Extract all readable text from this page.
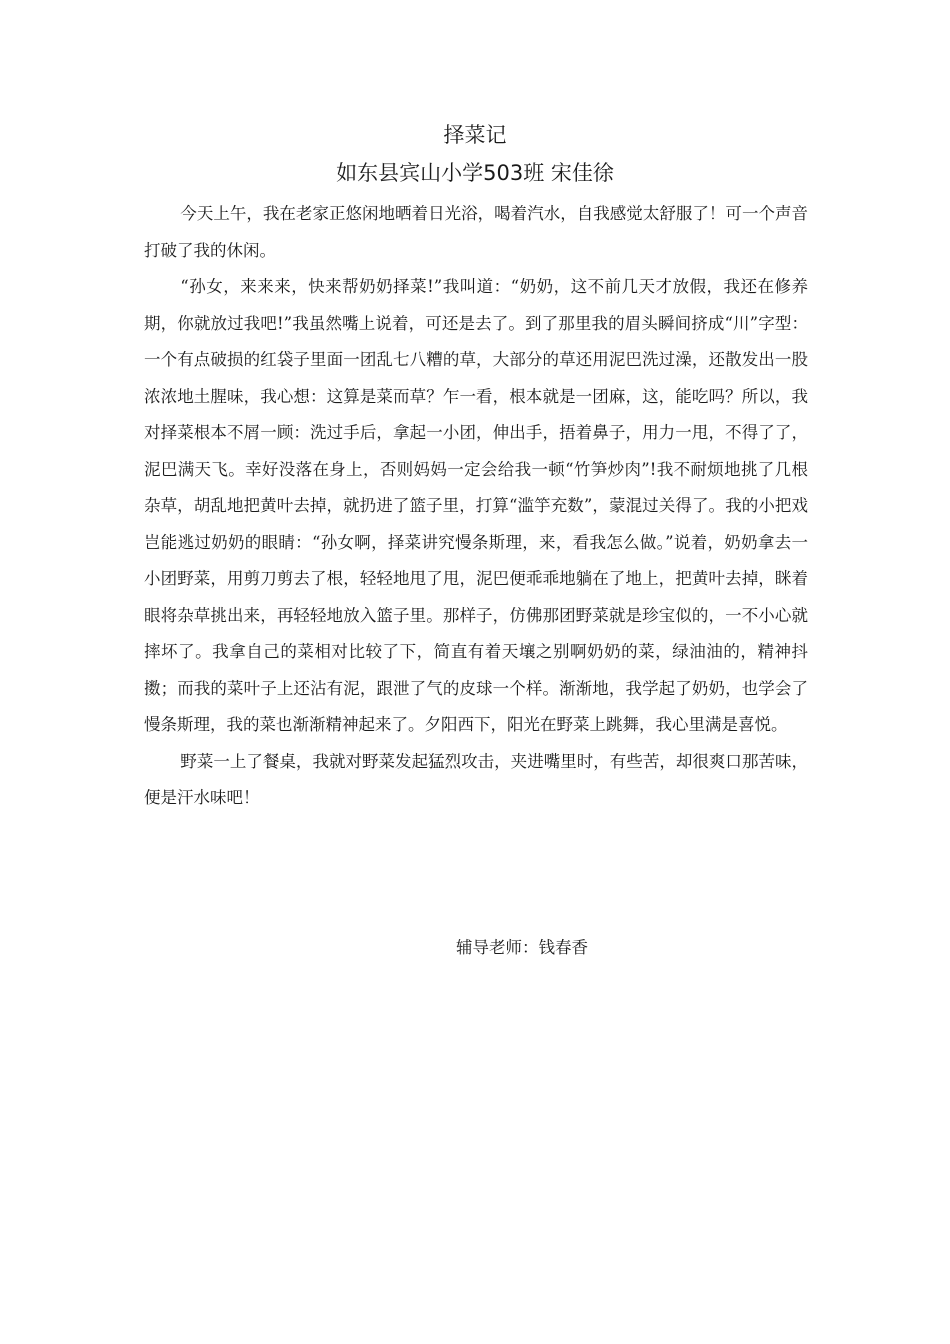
择菜记
如东县宾山小学503班 宋佳徐

今天上午，我在老家正悠闲地晒着日光浴，喝着汽水，自我感觉太舒服了！可一个声音打破了我的休闲。

“孙女，来来来，快来帮奶奶择菜!”我叫道：“奶奶，这不前几天才放假，我还在修养期，你就放过我吧!”我虽然嘴上说着，可还是去了。到了那里我的眉头瞬间挤成“川”字型：一个有点破损的红袋子里面一团乱七八糟的草，大部分的草还用泥巴洗过澡，还散发出一股浓浓地土腥味，我心想：这算是菜而草？乍一看，根本就是一团麻，这，能吃吗？所以，我对择菜根本不屑一顾：洗过手后，拿起一小团，伸出手，捂着鼻子，用力一甩，不得了了，泥巴满天飞。幸好没落在身上，否则妈妈一定会给我一顿“竹笋炒肉”!我不耐烦地挑了几根杂草，胡乱地把黄叶去掉，就扔进了篮子里，打算“滥竽充数”，蒙混过关得了。我的小把戏岂能逃过奶奶的眼睛：“孙女啊，择菜讲究慢条斯理，来，看我怎么做。”说着，奶奶拿去一小团野菜，用剪刀剪去了根，轻轻地甩了甩，泥巴便乖乖地躺在了地上，把黄叶去掉，眯着眼将杂草挑出来，再轻轻地放入篮子里。那样子，仿佛那团野菜就是珍宝似的，一不小心就摔坏了。我拿自己的菜相对比较了下，简直有着天壤之别啊奶奶的菜，绿油油的，精神抖擞；而我的菜叶子上还沾有泥，跟泄了气的皮球一个样。渐渐地，我学起了奶奶，也学会了慢条斯理，我的菜也渐渐精神起来了。夕阳西下，阳光在野菜上跳舞，我心里满是喜悦。

野菜一上了餐桌，我就对野菜发起猛烈攻击，夹进嘴里时，有些苦，却很爽口那苦味，便是汗水味吧！

辅导老师：钱春香
